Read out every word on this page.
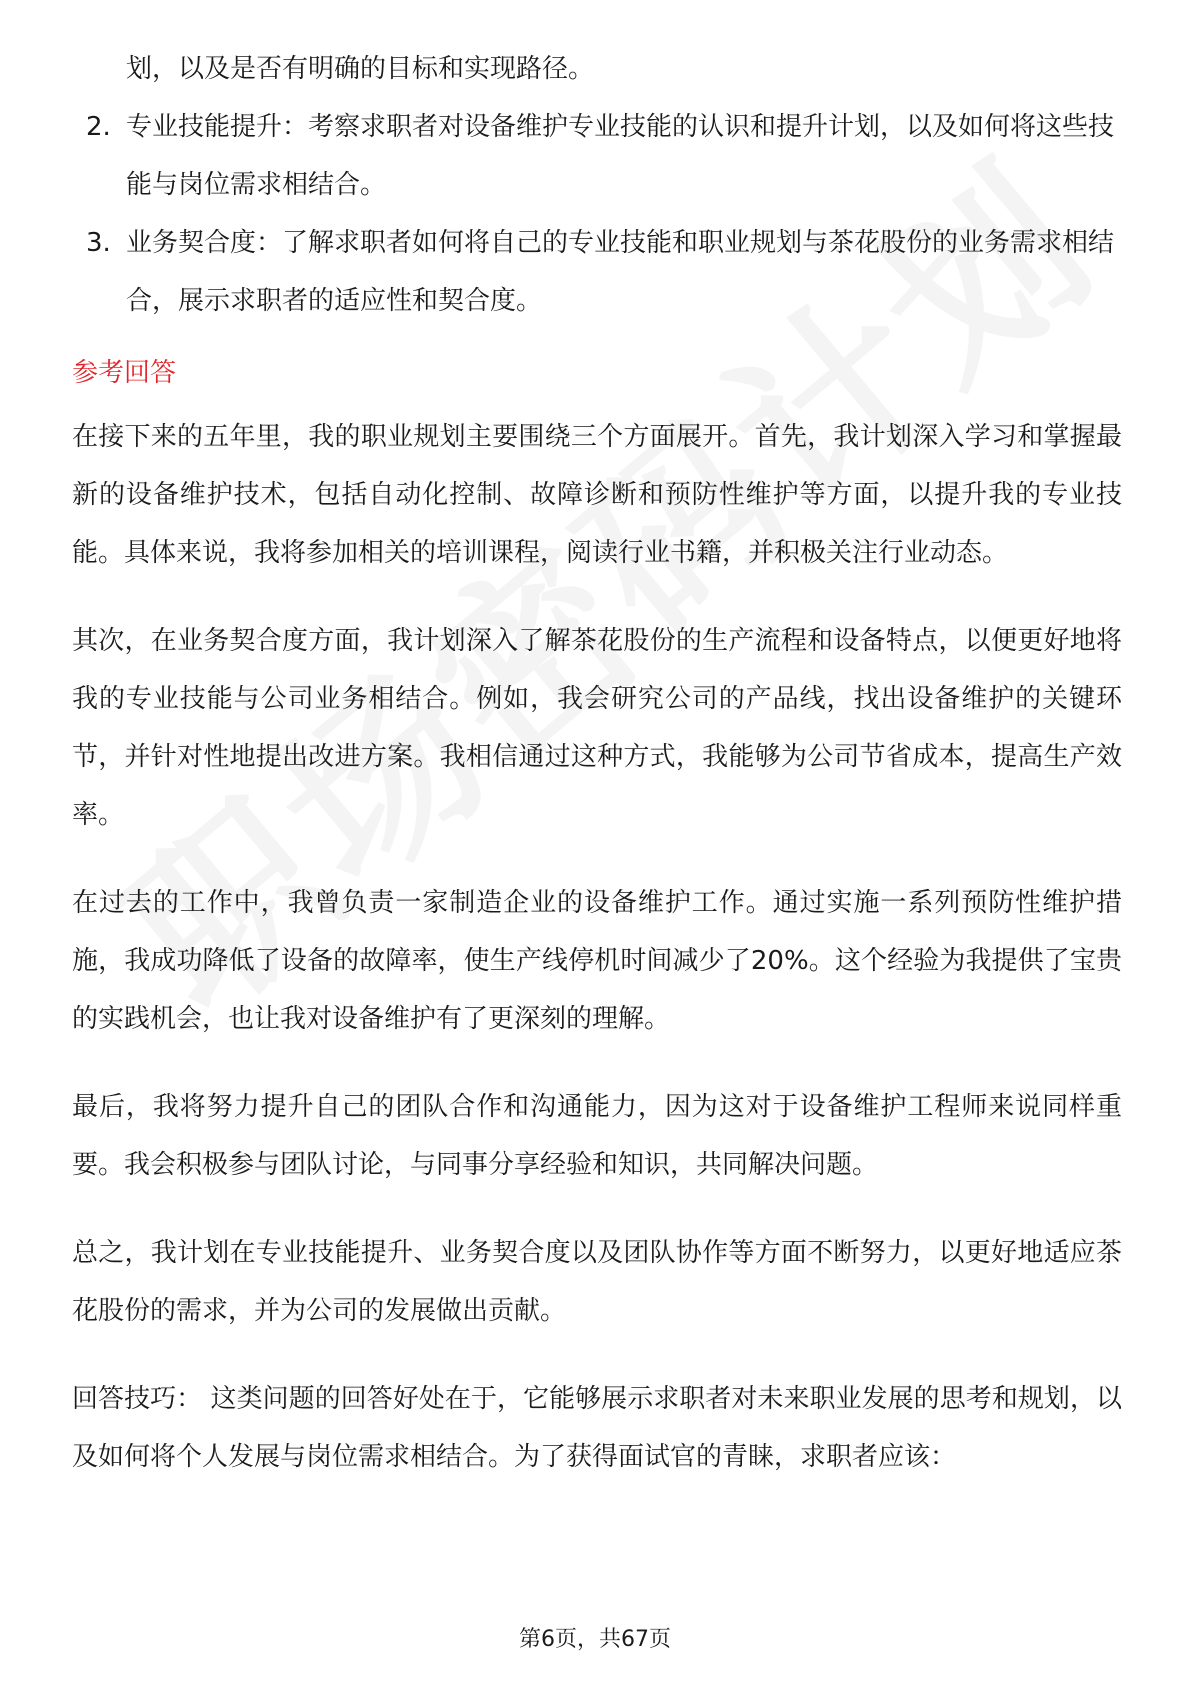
划，以及是否有明确的目标和实现路径。
2. 专业技能提升：考察求职者对设备维护专业技能的认识和提升计划，以及如何将这些技能与岗位需求相结合。
3. 业务契合度：了解求职者如何将自己的专业技能和职业规划与茶花股份的业务需求相结合，展示求职者的适应性和契合度。
参考回答

在接下来的五年里，我的职业规划主要围绕三个方面展开。首先，我计划深入学习和掌握最新的设备维护技术，包括自动化控制、故障诊断和预防性维护等方面，以提升我的专业技能。具体来说，我将参加相关的培训课程，阅读行业书籍，并积极关注行业动态。

其次，在业务契合度方面，我计划深入了解茶花股份的生产流程和设备特点，以便更好地将我的专业技能与公司业务相结合。例如，我会研究公司的产品线，找出设备维护的关键环节，并针对性地提出改进方案。我相信通过这种方式，我能够为公司节省成本，提高生产效率。

在过去的工作中，我曾负责一家制造企业的设备维护工作。通过实施一系列预防性维护措施，我成功降低了设备的故障率，使生产线停机时间减少了20%。这个经验为我提供了宝贵的实践机会，也让我对设备维护有了更深刻的理解。

最后，我将努力提升自己的团队合作和沟通能力，因为这对于设备维护工程师来说同样重要。我会积极参与团队讨论，与同事分享经验和知识，共同解决问题。

总之，我计划在专业技能提升、业务契合度以及团队协作等方面不断努力，以更好地适应茶花股份的需求，并为公司的发展做出贡献。

回答技巧： 这类问题的回答好处在于，它能够展示求职者对未来职业发展的思考和规划，以及如何将个人发展与岗位需求相结合。为了获得面试官的青睐，求职者应该：

第6页，共67页
